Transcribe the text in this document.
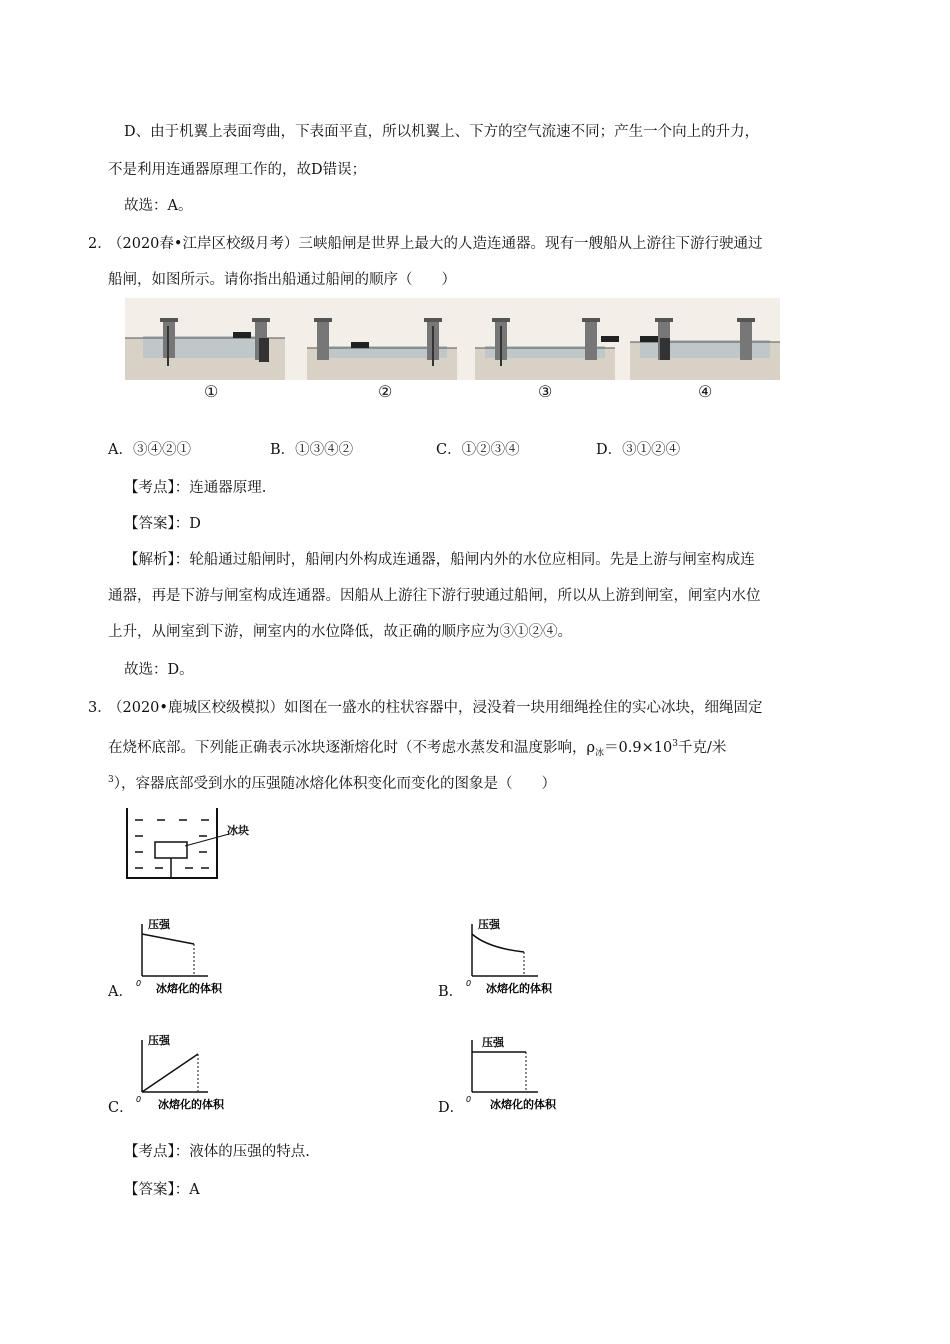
D、由于机翼上表面弯曲，下表面平直，所以机翼上、下方的空气流速不同；产生一个向上的升力，
不是利用连通器原理工作的，故D错误；
故选：A。
2．
（2020春•江岸区校级月考）三峡船闸是世界上最大的人造连通器。现有一艘船从上游往下游行驶通过
船闸，如图所示。请你指出船通过船闸的顺序（　　）
①	②	③	④
A．③④②①	B．①③④②	C．①②③④	D．③①②④
【考点】：连通器原理.
【答案】：D
【解析】：轮船通过船闸时，船闸内外构成连通器，船闸内外的水位应相同。先是上游与闸室构成连
通器，再是下游与闸室构成连通器。因船从上游往下游行驶通过船闸，所以从上游到闸室，闸室内水位
上升，从闸室到下游，闸室内的水位降低，故正确的顺序应为③①②④。
故选：D。
3．
（2020•鹿城区校级模拟）如图在一盛水的柱状容器中，浸没着一块用细绳拴住的实心冰块，细绳固定
在烧杯底部。下列能正确表示冰块逐渐熔化时（不考虑水蒸发和温度影响，$\rho_冰=0.9\times 10^3$千克/米
$^3$），容器底部受到水的压强随冰熔化体积变化而变化的图象是（　　）
冰块
A．
压强
0 冰熔化的体积	B．
压强
0 冰熔化的体积
C．
压强
0 冰熔化的体积	D．
压强
0 冰熔化的体积
【考点】：液体的压强的特点.
【答案】：A
